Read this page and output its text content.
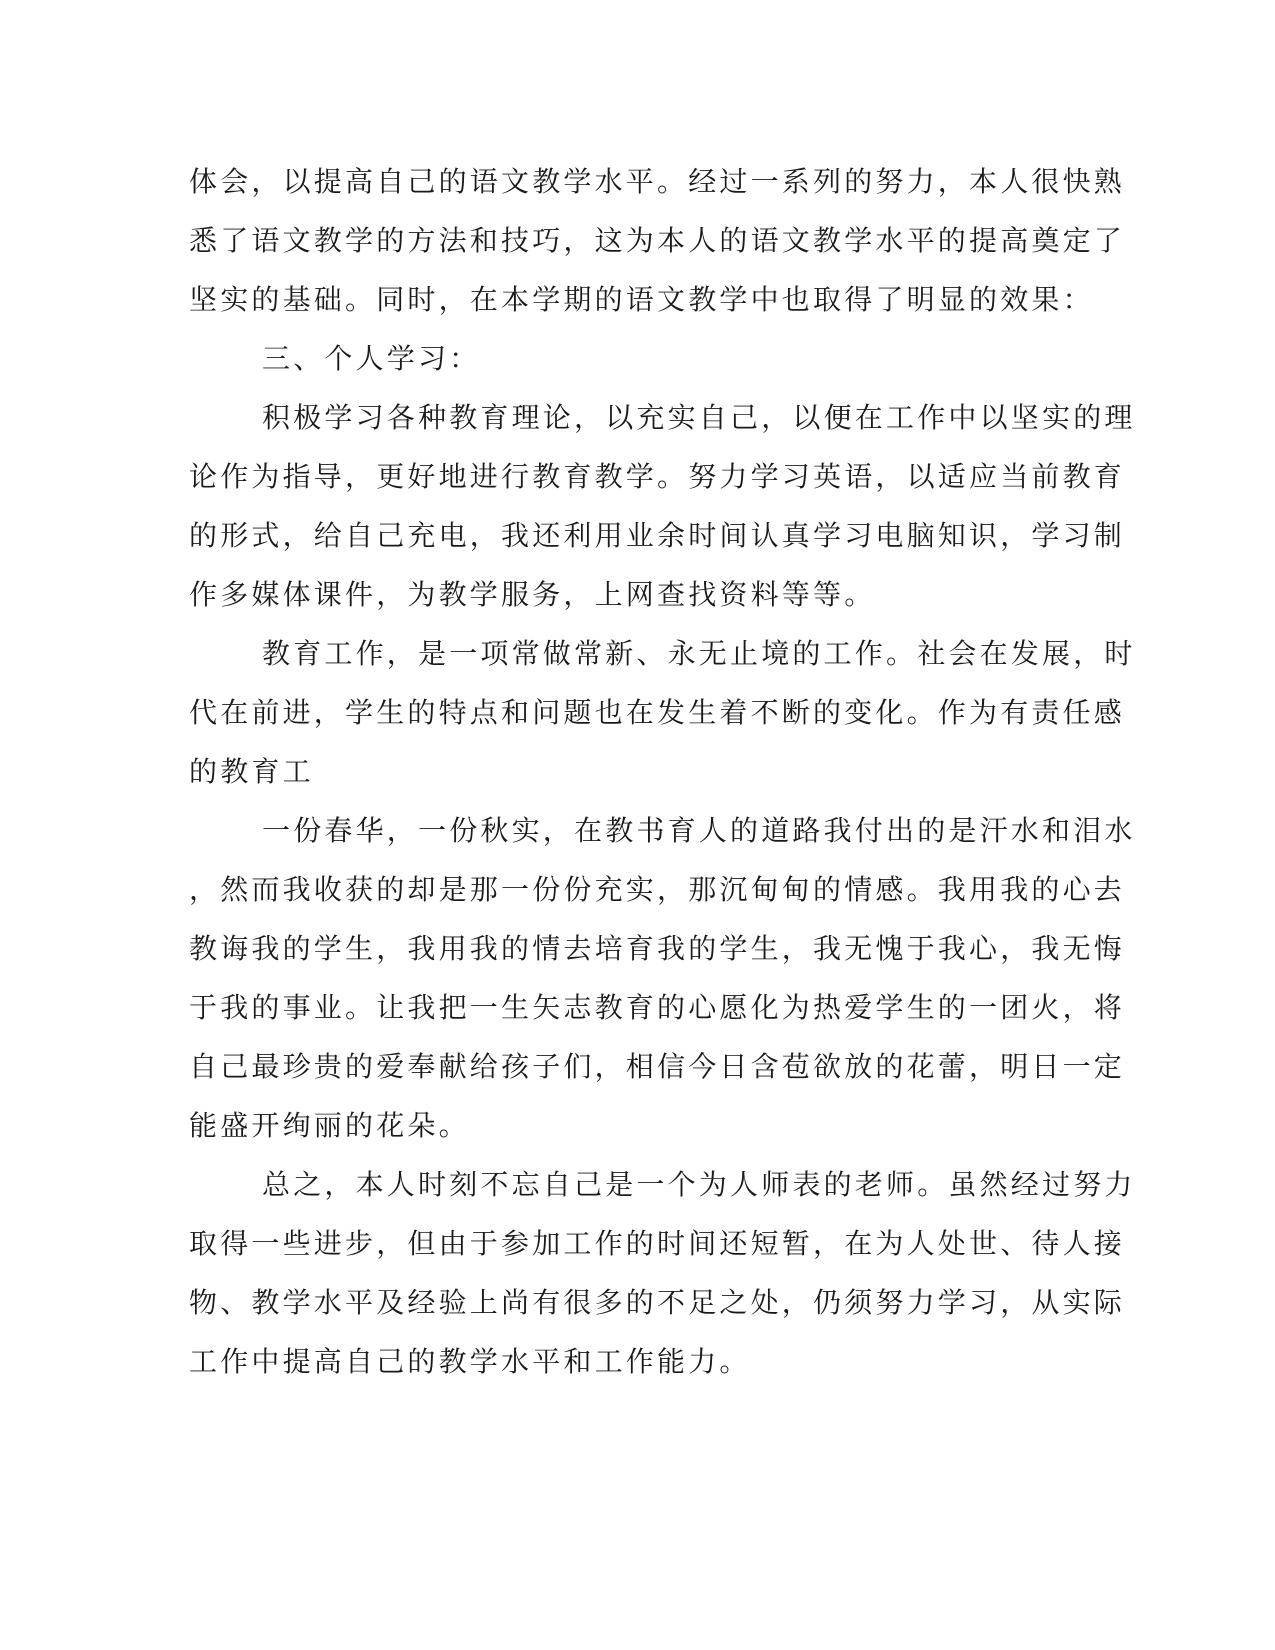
体会，以提高自己的语文教学水平。经过一系列的努力，本人很快熟
悉了语文教学的方法和技巧，这为本人的语文教学水平的提高奠定了
坚实的基础。同时，在本学期的语文教学中也取得了明显的效果：
三、个人学习：
积极学习各种教育理论，以充实自己，以便在工作中以坚实的理
论作为指导，更好地进行教育教学。努力学习英语，以适应当前教育
的形式，给自己充电，我还利用业余时间认真学习电脑知识，学习制
作多媒体课件，为教学服务，上网查找资料等等。
教育工作，是一项常做常新、永无止境的工作。社会在发展，时
代在前进，学生的特点和问题也在发生着不断的变化。作为有责任感
的教育工
一份春华，一份秋实，在教书育人的道路我付出的是汗水和泪水
，然而我收获的却是那一份份充实，那沉甸甸的情感。我用我的心去
教诲我的学生，我用我的情去培育我的学生，我无愧于我心，我无悔
于我的事业。让我把一生矢志教育的心愿化为热爱学生的一团火，将
自己最珍贵的爱奉献给孩子们，相信今日含苞欲放的花蕾，明日一定
能盛开绚丽的花朵。
总之，本人时刻不忘自己是一个为人师表的老师。虽然经过努力
取得一些进步，但由于参加工作的时间还短暂，在为人处世、待人接
物、教学水平及经验上尚有很多的不足之处，仍须努力学习，从实际
工作中提高自己的教学水平和工作能力。
